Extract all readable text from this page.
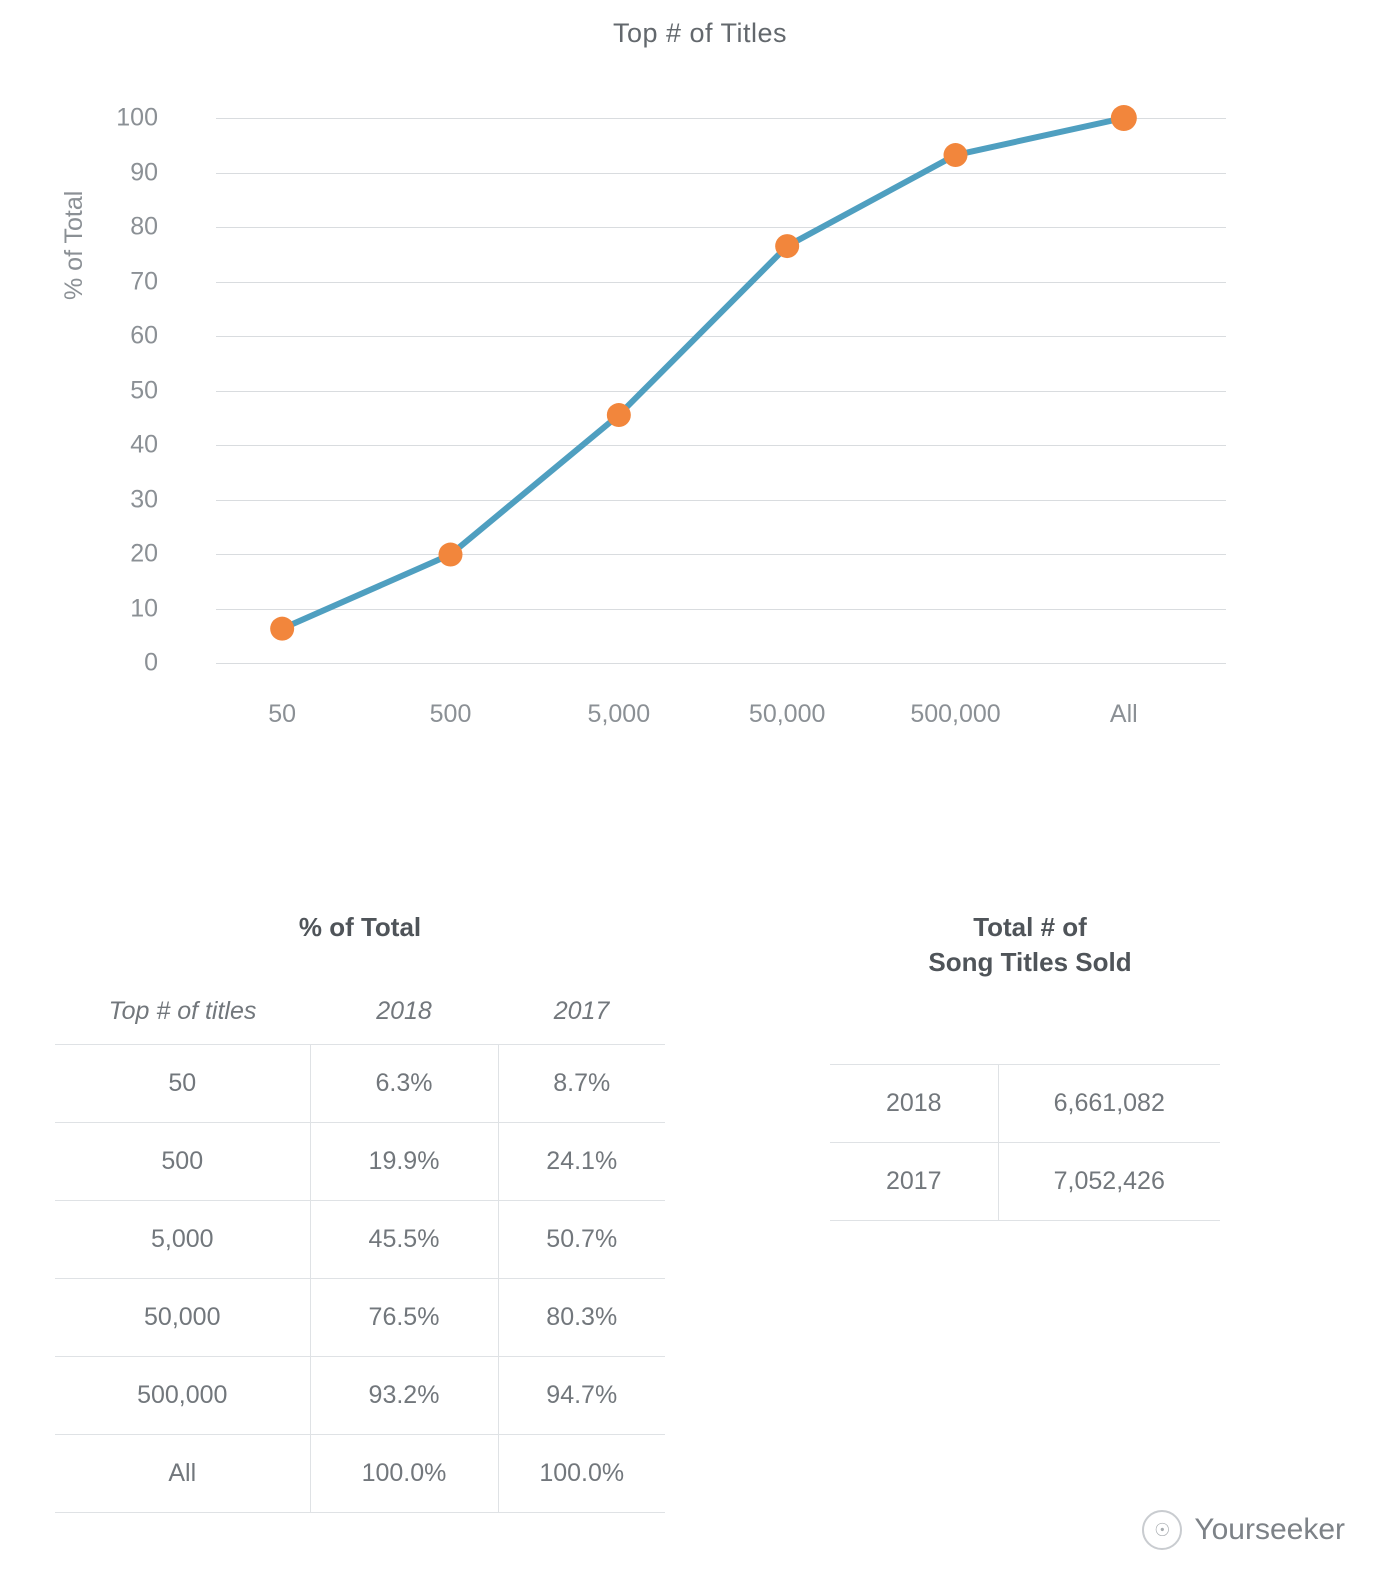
Top # of Titles
% of Total
0
10
20
30
40
50
60
70
80
90
100
50	500	5,000	50,000	500,000	All
% of Total
Top # of titles	2018	2017
50	6.3%	8.7%
500	19.9%	24.1%
5,000	45.5%	50.7%
50,000	76.5%	80.3%
500,000	93.2%	94.7%
All	100.0%	100.0%
Total # of
Song Titles Sold
2018	6,661,082
2017	7,052,426
☉ Yourseeker
